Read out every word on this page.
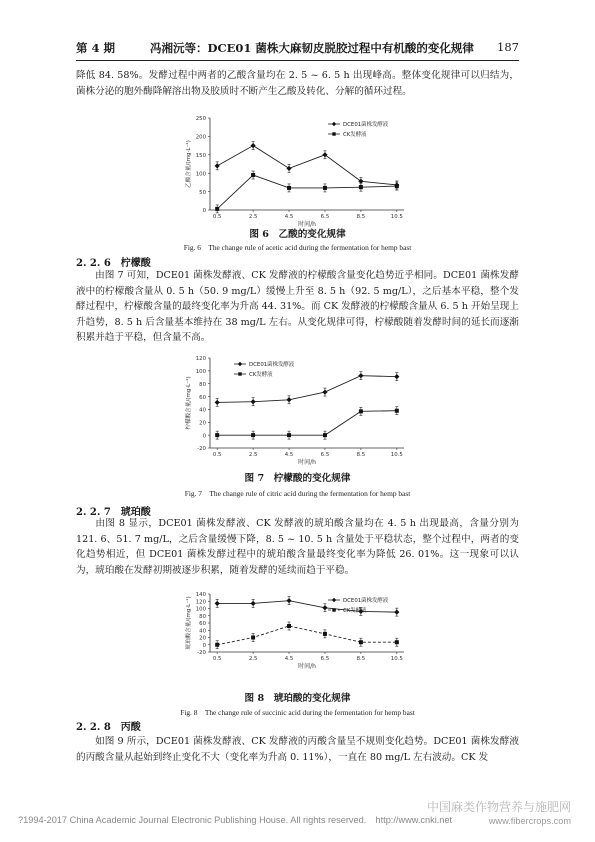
第 4 期	冯湘沅等：DCE01 菌株大麻韧皮脱胶过程中有机酸的变化规律 187

降低 84. 58%。发酵过程中两者的乙酸含量均在 2. 5 ~ 6. 5 h 出现峰高。整体变化规律可以归结为，菌株分泌的胞外酶降解溶出物及胶质时不断产生乙酸及转化、分解的循环过程。

0
50
100
150
200
250
0.5	2.5	4.5	6.5	8.5	10.5
时间/h
乙酸含量/(mg·L⁻¹)
DCE01菌株发酵液
CK发酵液
图 6　乙酸的变化规律
Fig. 6　The change rule of acetic acid during the fermentation for hemp bast
2. 2. 6　柠檬酸

由图 7 可知，DCE01 菌株发酵液、CK 发酵液的柠檬酸含量变化趋势近乎相同。DCE01 菌株发酵液中的柠檬酸含量从 0. 5 h（50. 9 mg/L）缓慢上升至 8. 5 h（92. 5 mg/L），之后基本平稳，整个发酵过程中，柠檬酸含量的最终变化率为升高 44. 31%。而 CK 发酵液的柠檬酸含量从 6. 5 h 开始呈现上升趋势，8. 5 h 后含量基本维持在 38 mg/L 左右。从变化规律可得，柠檬酸随着发酵时间的延长而逐渐积累并趋于平稳，但含量不高。

-20
0
20
40
60
80
100
120
0.5	2.5	4.5	6.5	8.5	10.5
时间/h
柠檬酸含量/(mg·L⁻¹)
DCE01菌株发酵液
CK发酵液
图 7　柠檬酸的变化规律
Fig. 7　The change rule of citric acid during the fermentation for hemp bast
2. 2. 7　琥珀酸

由图 8 显示，DCE01 菌株发酵液、CK 发酵液的琥珀酸含量均在 4. 5 h 出现最高，含量分别为 121. 6、51. 7 mg/L，之后含量缓慢下降，8. 5 ~ 10. 5 h 含量处于平稳状态，整个过程中，两者的变化趋势相近，但 DCE01 菌株发酵过程中的琥珀酸含量最终变化率为降低 26. 01%。这一现象可以认为，琥珀酸在发酵初期被逐步积累，随着发酵的延续而趋于平稳。

-20
0
20
40
60
80
100
120
140
0.5	2.5	4.5	6.5	8.5	10.5
时间/h
琥珀酸含量/(mg·L⁻¹)	DCE01菌株发酵液
CK发酵液
图 8　琥珀酸的变化规律
Fig. 8　The change rule of succinic acid during the fermentation for hemp bast
2. 2. 8　丙酸

如图 9 所示，DCE01 菌株发酵液、CK 发酵液的丙酸含量呈不规则变化趋势。DCE01 菌株发酵液的丙酸含量从起始到终止变化不大（变化率为升高 0. 11%），一直在 80 mg/L 左右波动。CK 发

?1994-2017 China Academic Journal Electronic Publishing House. All rights reserved.　http://www.cnki.net
中国麻类作物营养与施肥网
www.fibercrops.com
